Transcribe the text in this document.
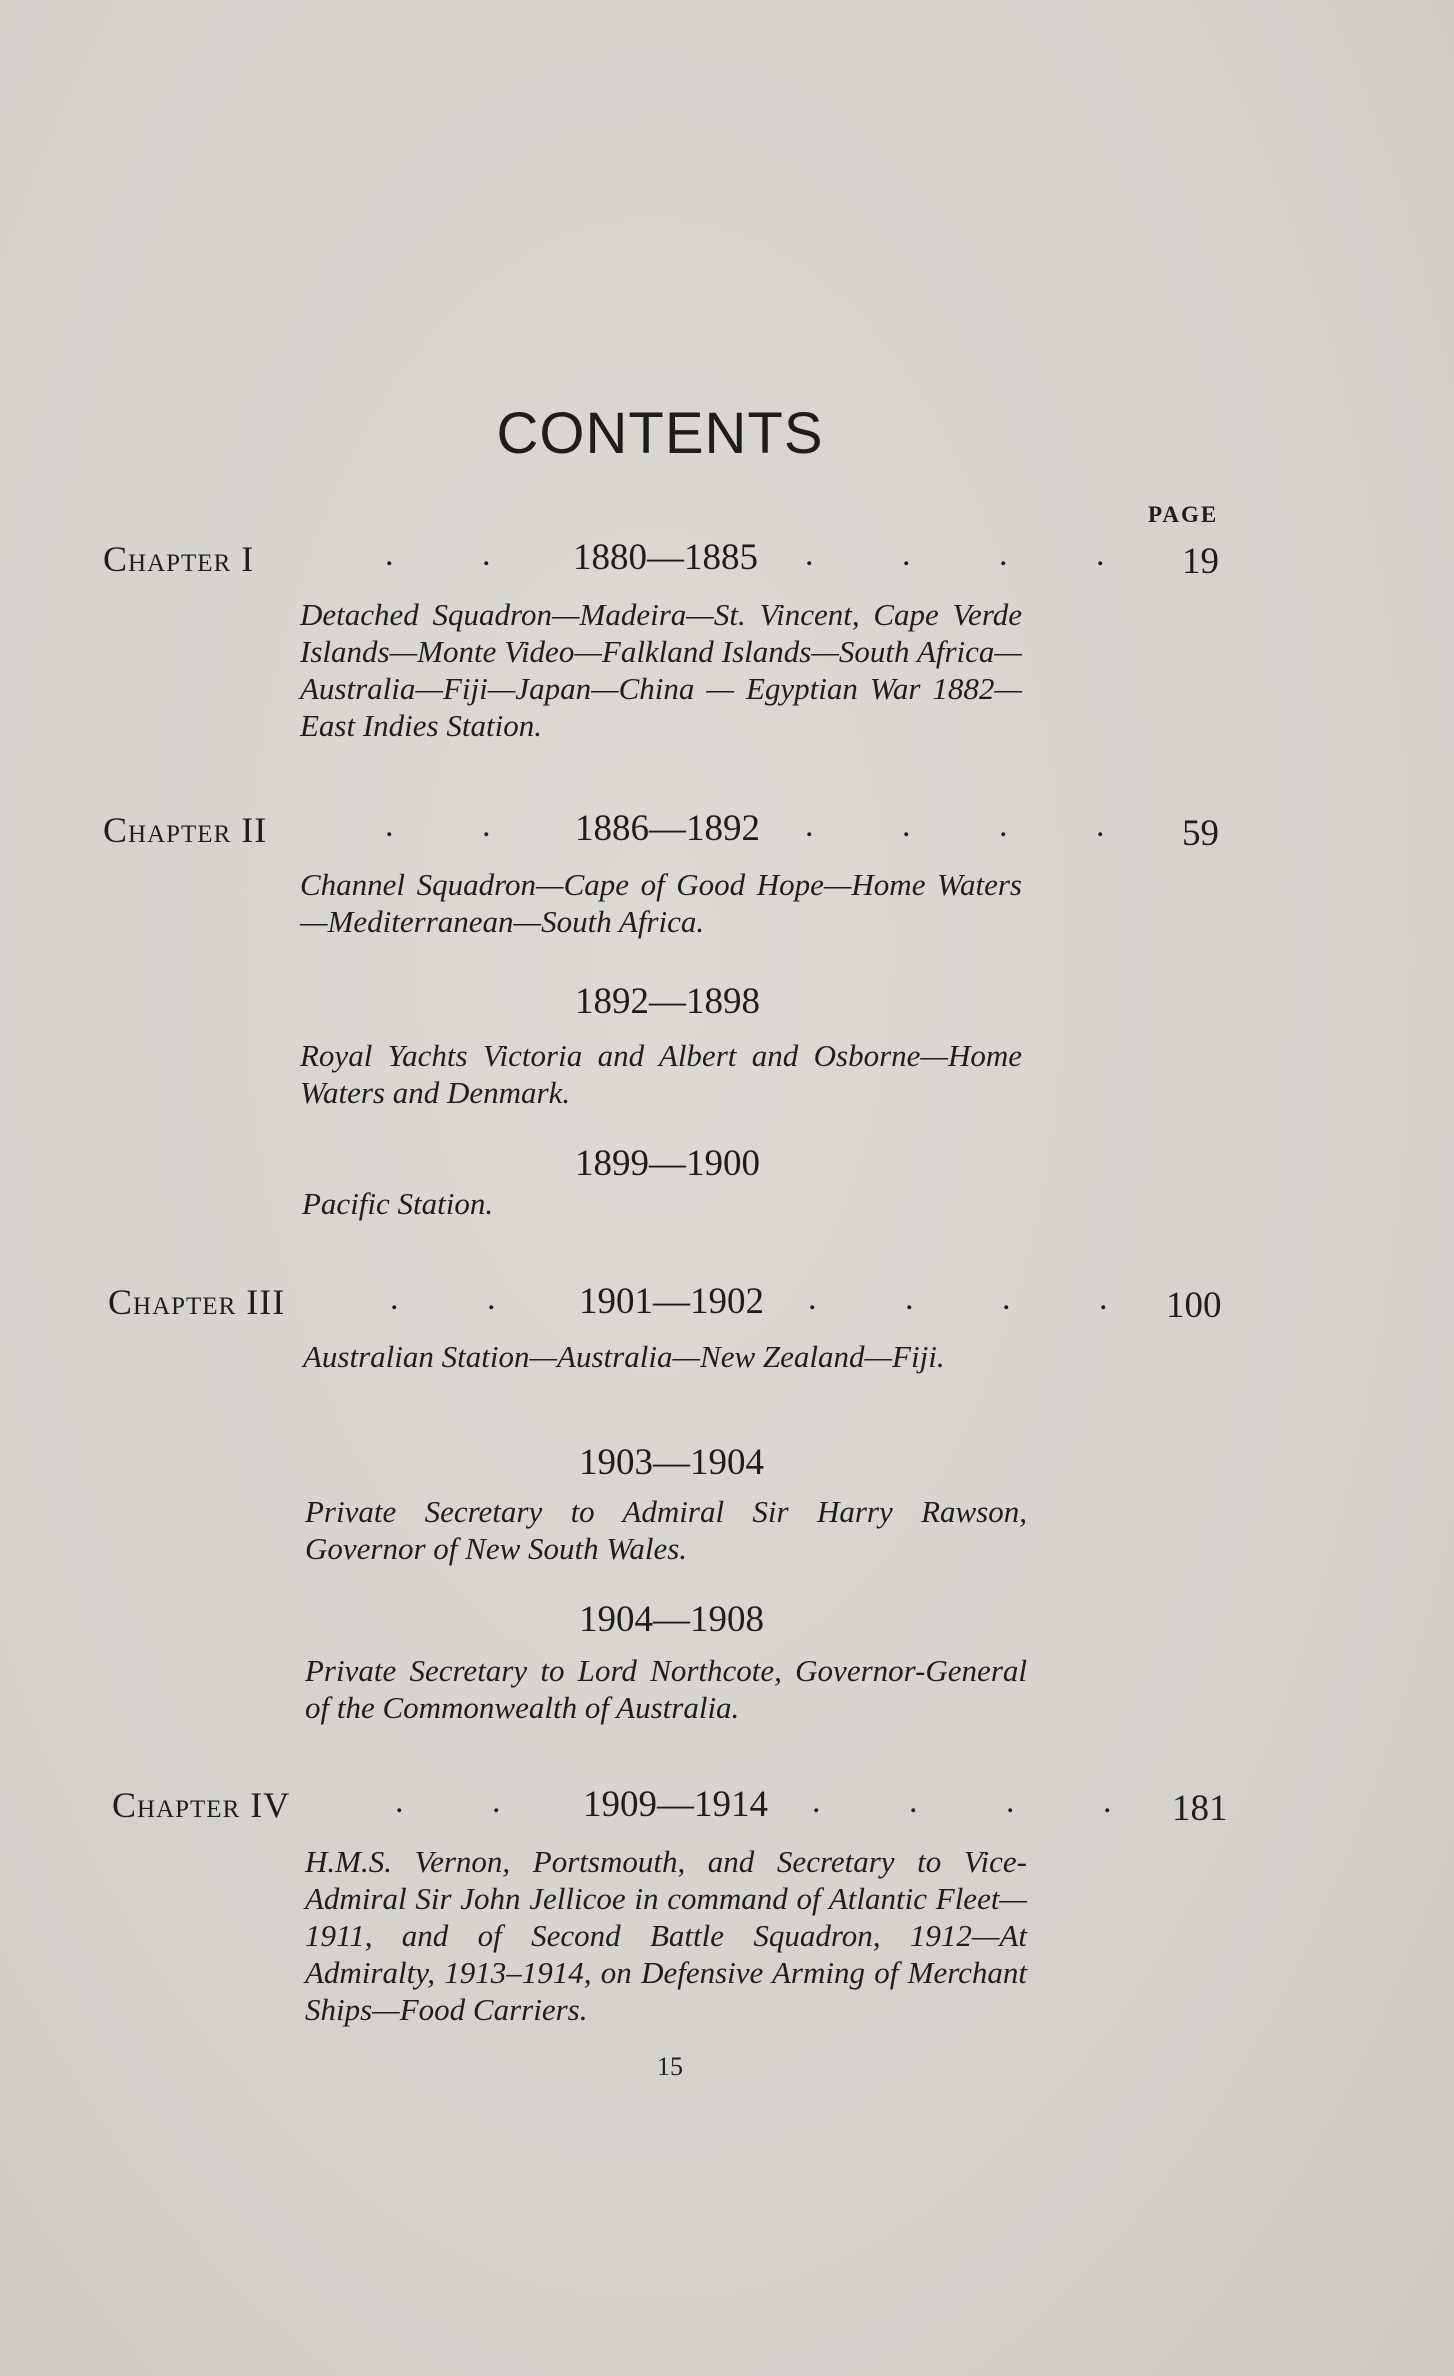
CONTENTS
PAGE
Chapter I	. . 1880—1885 . . . . 19
Detached Squadron—Madeira—St. Vincent, Cape Verde Islands—Monte Video—Falkland Islands—South Africa—Australia—Fiji—Japan—China — Egyptian War 1882—East Indies Station.
Chapter II	. . 1886—1892 . . . . 59
Channel Squadron—Cape of Good Hope—Home Waters—Mediterranean—South Africa.
1892—1898
Royal Yachts Victoria and Albert and Osborne—Home Waters and Denmark.
1899—1900
Pacific Station.
Chapter III	. . 1901—1902 . . . . 100
Australian Station—Australia—New Zealand—Fiji.
1903—1904
Private Secretary to Admiral Sir Harry Rawson, Governor of New South Wales.
1904—1908
Private Secretary to Lord Northcote, Governor-General of the Commonwealth of Australia.
Chapter IV	. . 1909—1914 . . . . 181
H.M.S. Vernon, Portsmouth, and Secretary to Vice-Admiral Sir John Jellicoe in command of Atlantic Fleet—1911, and of Second Battle Squadron, 1912—At Admiralty, 1913–1914, on Defensive Arming of Merchant Ships—Food Carriers.
15
